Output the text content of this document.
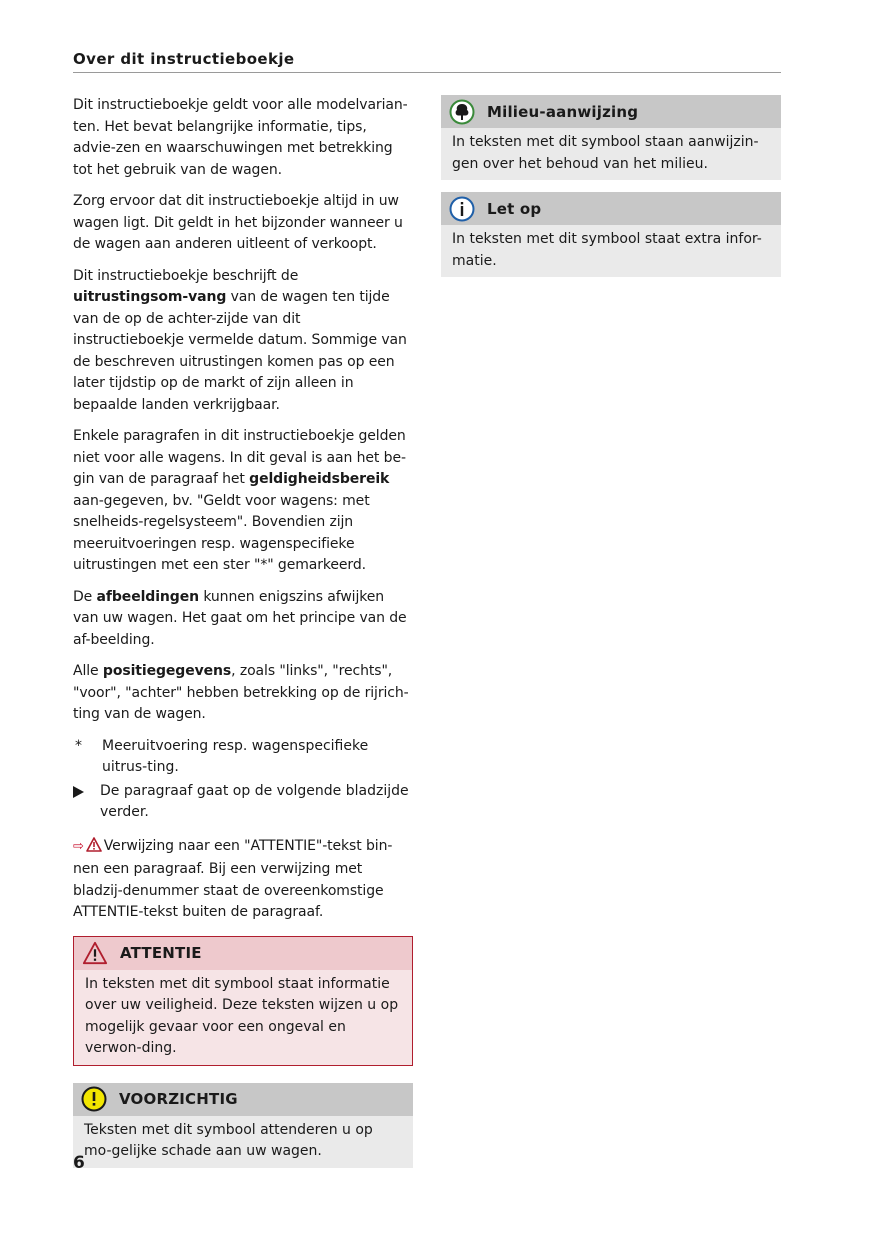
Over dit instructieboekje

Dit instructieboekje geldt voor alle modelvarian-ten. Het bevat belangrijke informatie, tips, advie-zen en waarschuwingen met betrekking tot het gebruik van de wagen.

Zorg ervoor dat dit instructieboekje altijd in uw wagen ligt. Dit geldt in het bijzonder wanneer u de wagen aan anderen uitleent of verkoopt.

Dit instructieboekje beschrijft de uitrustingsom-vang van de wagen ten tijde van de op de achter-zijde van dit instructieboekje vermelde datum. Sommige van de beschreven uitrustingen komen pas op een later tijdstip op de markt of zijn alleen in bepaalde landen verkrijgbaar.

Enkele paragrafen in dit instructieboekje gelden niet voor alle wagens. In dit geval is aan het be-gin van de paragraaf het geldigheidsbereik aan-gegeven, bv. "Geldt voor wagens: met snelheids-regelsysteem". Bovendien zijn meeruitvoeringen resp. wagenspecifieke uitrustingen met een ster "*" gemarkeerd.

De afbeeldingen kunnen enigszins afwijken van uw wagen. Het gaat om het principe van de af-beelding.

Alle positiegegevens, zoals "links", "rechts", "voor", "achter" hebben betrekking op de rijrich-ting van de wagen.

*	Meeruitvoering resp. wagenspecifieke uitrus-ting.
De paragraaf gaat op de volgende bladzijde verder.

⇨ Verwijzing naar een "ATTENTIE"-tekst bin-nen een paragraaf. Bij een verwijzing met bladzij-denummer staat de overeenkomstige ATTENTIE-tekst buiten de paragraaf.

ATTENTIE
In teksten met dit symbool staat informatie over uw veiligheid. Deze teksten wijzen u op mogelijk gevaar voor een ongeval en verwon-ding.
VOORZICHTIG
Teksten met dit symbool attenderen u op mo-gelijke schade aan uw wagen.
Milieu-aanwijzing
In teksten met dit symbool staan aanwijzin-gen over het behoud van het milieu.
Let op
In teksten met dit symbool staat extra infor-matie.
6
